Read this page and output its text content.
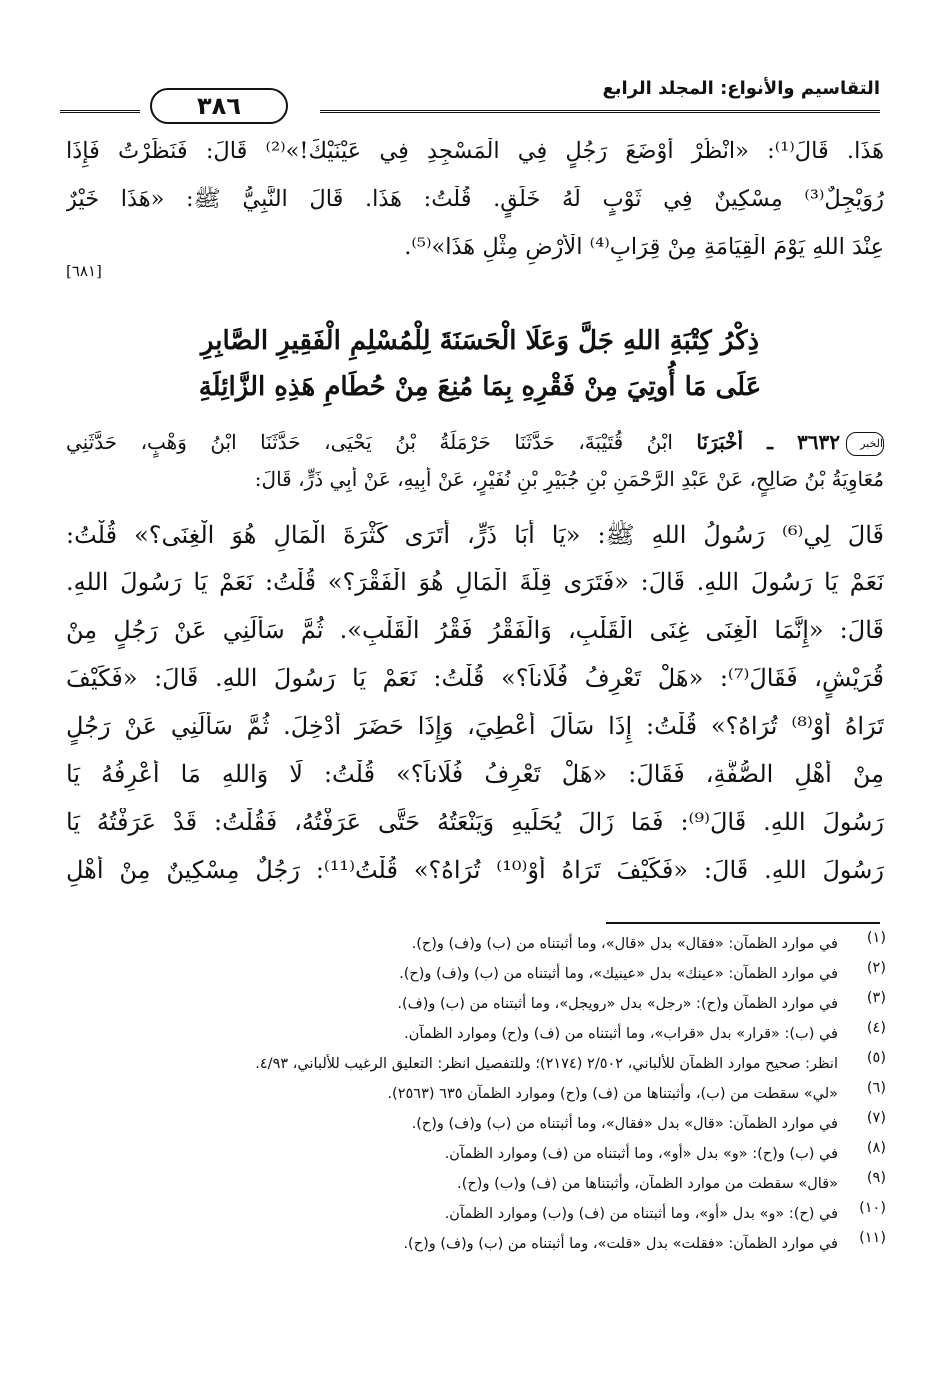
التقاسيم والأنواع: المجلد الرابع
٣٨٦
هَذَا. قَالَ⁽¹⁾: «انْظُرْ أَوْضَعَ رَجُلٍ فِي الْمَسْجِدِ فِي عَيْنَيْكَ!»⁽²⁾ قَالَ: فَنَظَرْتُ فَإِذَا
رُوَيْجِلٌ⁽³⁾ مِسْكِينٌ فِي ثَوْبٍ لَهُ خَلَقٍ. قُلْتُ: هَذَا. قَالَ النَّبِيُّ ﷺ: «هَذَا خَيْرٌ
عِنْدَ اللهِ يَوْمَ الْقِيَامَةِ مِنْ قِرَابِ⁽⁴⁾ الْأَرْضِ مِثْلِ هَذَا»⁽⁵⁾.
[٦٨١]
ذِكْرُ كِتْبَةِ اللهِ جَلَّ وَعَلَا الْحَسَنَةَ لِلْمُسْلِمِ الْفَقِيرِ الصَّابِرِ
عَلَى مَا أُوتِيَ مِنْ فَقْرِهِ بِمَا مُنِعَ مِنْ حُطَامِ هَذِهِ الزَّائِلَةِ
الخبر٣٦٣٢ ـ أَخْبَرَنَا ابْنُ قُتَيْبَةَ، حَدَّثَنَا حَرْمَلَةُ بْنُ يَحْيَى، حَدَّثَنَا ابْنُ وَهْبٍ، حَدَّثَنِي
مُعَاوِيَةُ بْنُ صَالِحٍ، عَنْ عَبْدِ الرَّحْمَنِ بْنِ جُبَيْرِ بْنِ نُفَيْرٍ، عَنْ أَبِيهِ، عَنْ أَبِي ذَرٍّ، قَالَ:
قَالَ لِي⁽⁶⁾ رَسُولُ اللهِ ﷺ: «يَا أَبَا ذَرٍّ، أَتَرَى كَثْرَةَ الْمَالِ هُوَ الْغِنَى؟» قُلْتُ:
نَعَمْ يَا رَسُولَ اللهِ. قَالَ: «فَتَرَى قِلَّةَ الْمَالِ هُوَ الْفَقْرَ؟» قُلْتُ: نَعَمْ يَا رَسُولَ اللهِ.
قَالَ: «إِنَّمَا الْغِنَى غِنَى الْقَلْبِ، وَالْفَقْرُ فَقْرُ الْقَلْبِ». ثُمَّ سَأَلَنِي عَنْ رَجُلٍ مِنْ
قُرَيْشٍ، فَقَالَ⁽⁷⁾: «هَلْ تَعْرِفُ فُلَاناً؟» قُلْتُ: نَعَمْ يَا رَسُولَ اللهِ. قَالَ: «فَكَيْفَ
تَرَاهُ أَوْ⁽⁸⁾ تُرَاهُ؟» قُلْتُ: إِذَا سَأَلَ أُعْطِيَ، وَإِذَا حَضَرَ أُدْخِلَ. ثُمَّ سَأَلَنِي عَنْ رَجُلٍ
مِنْ أَهْلِ الصُّفَّةِ، فَقَالَ: «هَلْ تَعْرِفُ فُلَاناً؟» قُلْتُ: لَا وَاللهِ مَا أَعْرِفُهُ يَا
رَسُولَ اللهِ. قَالَ⁽⁹⁾: فَمَا زَالَ يُحَلِّيهِ وَيَنْعَتُهُ حَتَّى عَرَفْتُهُ، فَقُلْتُ: قَدْ عَرَفْتُهُ يَا
رَسُولَ اللهِ. قَالَ: «فَكَيْفَ تَرَاهُ أَوْ⁽¹⁰⁾ تُرَاهُ؟» قُلْتُ⁽¹¹⁾: رَجُلٌ مِسْكِينٌ مِنْ أَهْلِ
(١)
في موارد الظمآن: «فقال» بدل «قال»، وما أثبتناه من (ب) و(ف) و(ح).
(٢)
في موارد الظمآن: «عينك» بدل «عينيك»، وما أثبتناه من (ب) و(ف) و(ح).
(٣)
في موارد الظمآن و(ح): «رجل» بدل «رويجل»، وما أثبتناه من (ب) و(ف).
(٤)
في (ب): «قرار» بدل «قراب»، وما أثبتناه من (ف) و(ح) وموارد الظمآن.
(٥)
انظر: صحيح موارد الظمآن للألباني، ٢/٥٠٢ (٢١٧٤)؛ وللتفصيل انظر: التعليق الرغيب للألباني، ٤/٩٣.
(٦)
«لي» سقطت من (ب)، وأثبتناها من (ف) و(ح) وموارد الظمآن ٦٣٥ (٢٥٦٣).
(٧)
في موارد الظمآن: «قال» بدل «فقال»، وما أثبتناه من (ب) و(ف) و(ح).
(٨)
في (ب) و(ح): «و» بدل «أو»، وما أثبتناه من (ف) وموارد الظمآن.
(٩)
«قال» سقطت من موارد الظمآن، وأثبتناها من (ف) و(ب) و(ح).
(١٠)
في (ح): «و» بدل «أو»، وما أثبتناه من (ف) و(ب) وموارد الظمآن.
(١١)
في موارد الظمآن: «فقلت» بدل «قلت»، وما أثبتناه من (ب) و(ف) و(ح).
